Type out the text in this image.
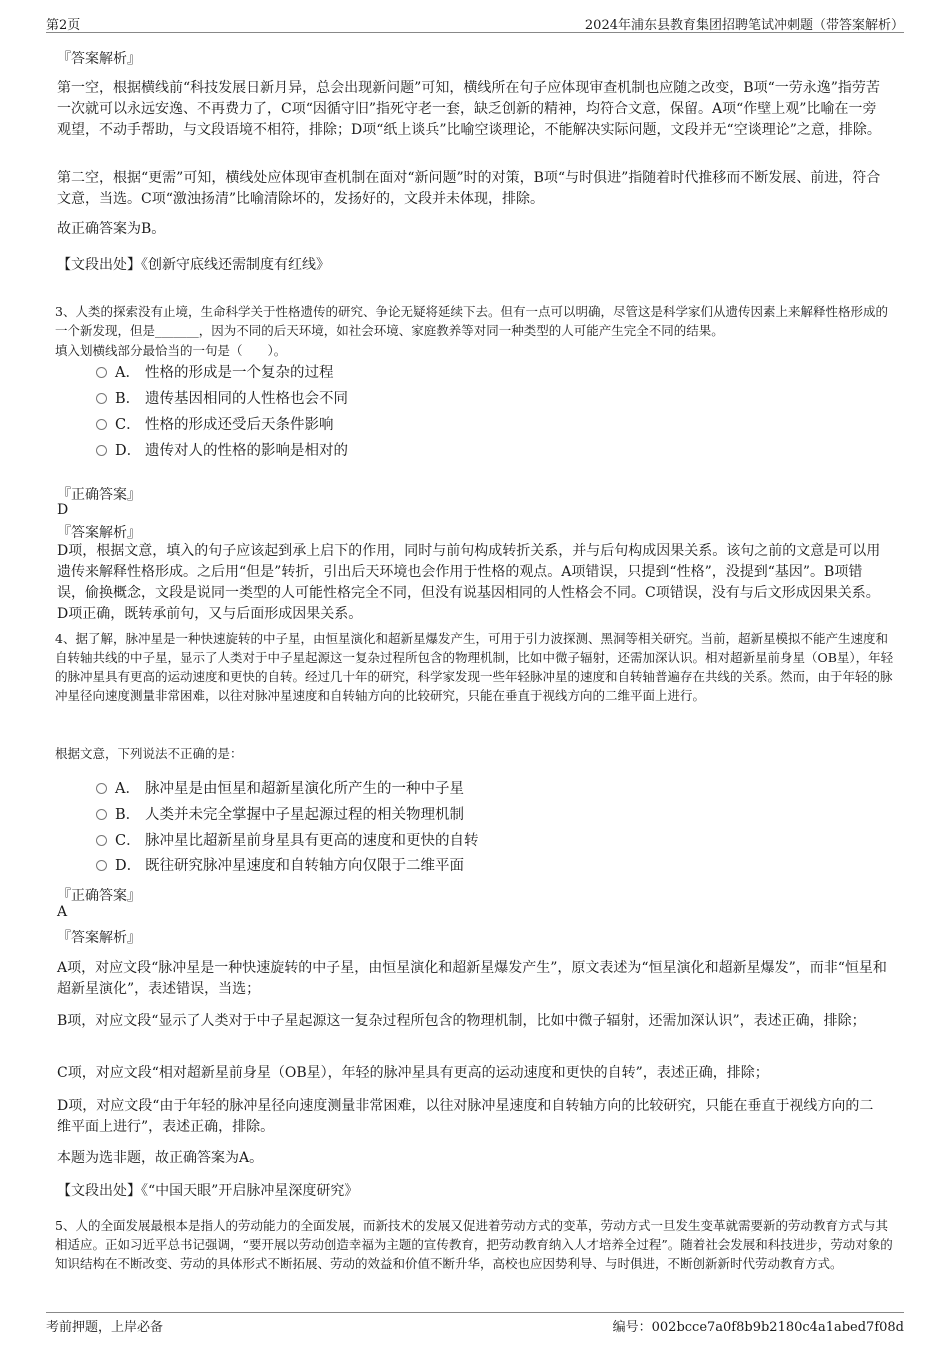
第2页	2024年浦东县教育集团招聘笔试冲刺题（带答案解析）
『答案解析』

第一空，根据横线前“科技发展日新月异，总会出现新问题”可知，横线所在句子应体现审查机制也应随之改变，B项“一劳永逸”指劳苦一次就可以永远安逸、不再费力了，C项“因循守旧”指死守老一套，缺乏创新的精神，均符合文意，保留。A项“作壁上观”比喻在一旁观望，不动手帮助，与文段语境不相符，排除；D项“纸上谈兵”比喻空谈理论，不能解决实际问题，文段并无“空谈理论”之意，排除。

第二空，根据“更需”可知，横线处应体现审查机制在面对“新问题”时的对策，B项“与时俱进”指随着时代推移而不断发展、前进，符合文意，当选。C项“激浊扬清”比喻清除坏的，发扬好的，文段并未体现，排除。

故正确答案为B。

【文段出处】《创新守底线还需制度有红线》

3、人类的探索没有止境，生命科学关于性格遗传的研究、争论无疑将延续下去。但有一点可以明确，尽管这是科学家们从遗传因素上来解释性格形成的一个新发现，但是_______，因为不同的后天环境，如社会环境、家庭教养等对同一种类型的人可能产生完全不同的结果。

填入划横线部分最恰当的一句是（　　）。

A． 性格的形成是一个复杂的过程
B． 遗传基因相同的人性格也会不同
C． 性格的形成还受后天条件影响
D． 遗传对人的性格的影响是相对的
『正确答案』
D
『答案解析』

D项，根据文意，填入的句子应该起到承上启下的作用，同时与前句构成转折关系，并与后句构成因果关系。该句之前的文意是可以用遗传来解释性格形成。之后用“但是”转折，引出后天环境也会作用于性格的观点。A项错误，只提到“性格”，没提到“基因”。B项错误，偷换概念，文段是说同一类型的人可能性格完全不同，但没有说基因相同的人性格会不同。C项错误，没有与后文形成因果关系。D项正确，既转承前句，又与后面形成因果关系。

4、据了解，脉冲星是一种快速旋转的中子星，由恒星演化和超新星爆发产生，可用于引力波探测、黑洞等相关研究。当前，超新星模拟不能产生速度和自转轴共线的中子星，显示了人类对于中子星起源这一复杂过程所包含的物理机制，比如中微子辐射，还需加深认识。相对超新星前身星（OB星），年轻的脉冲星具有更高的运动速度和更快的自转。经过几十年的研究，科学家发现一些年轻脉冲星的速度和自转轴普遍存在共线的关系。然而，由于年轻的脉冲星径向速度测量非常困难，以往对脉冲星速度和自转轴方向的比较研究，只能在垂直于视线方向的二维平面上进行。

根据文意，下列说法不正确的是：

A． 脉冲星是由恒星和超新星演化所产生的一种中子星
B． 人类并未完全掌握中子星起源过程的相关物理机制
C． 脉冲星比超新星前身星具有更高的速度和更快的自转
D． 既往研究脉冲星速度和自转轴方向仅限于二维平面
『正确答案』
A
『答案解析』

A项，对应文段“脉冲星是一种快速旋转的中子星，由恒星演化和超新星爆发产生”，原文表述为“恒星演化和超新星爆发”，而非“恒星和超新星演化”，表述错误，当选；

B项，对应文段“显示了人类对于中子星起源这一复杂过程所包含的物理机制，比如中微子辐射，还需加深认识”，表述正确，排除；

C项，对应文段“相对超新星前身星（OB星），年轻的脉冲星具有更高的运动速度和更快的自转”，表述正确，排除；

D项，对应文段“由于年轻的脉冲星径向速度测量非常困难，以往对脉冲星速度和自转轴方向的比较研究，只能在垂直于视线方向的二维平面上进行”，表述正确，排除。

本题为选非题，故正确答案为A。

【文段出处】《“中国天眼”开启脉冲星深度研究》

5、人的全面发展最根本是指人的劳动能力的全面发展，而新技术的发展又促进着劳动方式的变革，劳动方式一旦发生变革就需要新的劳动教育方式与其相适应。正如习近平总书记强调，“要开展以劳动创造幸福为主题的宣传教育，把劳动教育纳入人才培养全过程”。随着社会发展和科技进步，劳动对象的知识结构在不断改变、劳动的具体形式不断拓展、劳动的效益和价值不断升华，高校也应因势利导、与时俱进，不断创新新时代劳动教育方式。

考前押题，上岸必备	编号：002bcce7a0f8b9b2180c4a1abed7f08d
